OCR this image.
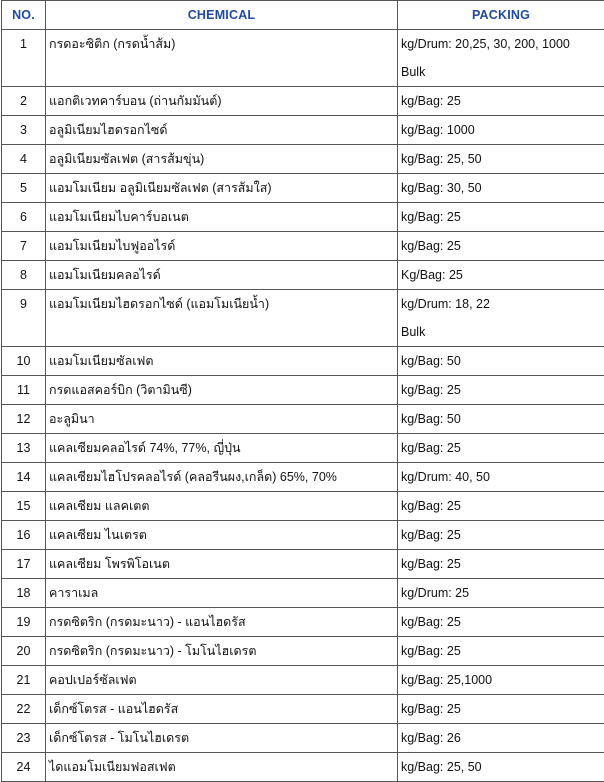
NO.	CHEMICAL	PACKING

1	กรดอะซิติก (กรดน้ำส้ม)	kg/Drum: 20,25, 30, 200, 1000
Bulk

2	แอกติเวทคาร์บอน (ถ่านกัมมันต์)	kg/Bag: 25

3	อลูมิเนียมไฮดรอกไซด์	kg/Bag: 1000

4	อลูมิเนียมซัลเฟต (สารส้มขุ่น)	kg/Bag: 25, 50

5	แอมโมเนียม อลูมิเนียมซัลเฟต (สารส้มใส)	kg/Bag: 30, 50

6	แอมโมเนียมไบคาร์บอเนต	kg/Bag: 25

7	แอมโมเนียมไบฟูออไรด์	kg/Bag: 25

8	แอมโมเนียมคลอไรด์	Kg/Bag: 25

9	แอมโมเนียมไฮดรอกไซด์ (แอมโมเนียน้ำ)	kg/Drum: 18, 22
Bulk

10	แอมโมเนียมซัลเฟต	kg/Bag: 50

11	กรดแอสคอร์บิก (วิตามินซี)	kg/Bag: 25

12	อะลูมินา	kg/Bag: 50

13	แคลเซียมคลอไรด์ 74%, 77%, ญี่ปุ่น	kg/Bag: 25

14	แคลเซียมไฮโปรคลอไรด์ (คลอรีนผง,เกล็ด) 65%, 70%	kg/Drum: 40, 50

15	แคลเซียม แลคเตต	kg/Bag: 25

16	แคลเซียม ไนเตรต	kg/Bag: 25

17	แคลเซียม โพรพิโอเนต	kg/Bag: 25

18	คาราเมล	kg/Drum: 25

19	กรดซิตริก (กรดมะนาว) - แอนไฮดรัส	kg/Bag: 25

20	กรดซิตริก (กรดมะนาว) - โมโนไฮเดรต	kg/Bag: 25

21	คอปเปอร์ซัลเฟต	kg/Bag: 25,1000

22	เด็กซ์โตรส - แอนไฮดรัส	kg/Bag: 25

23	เด็กซ์โตรส - โมโนไฮเดรต	kg/Bag: 26

24	ไดแอมโมเนียมฟอสเฟต	kg/Bag: 25, 50
